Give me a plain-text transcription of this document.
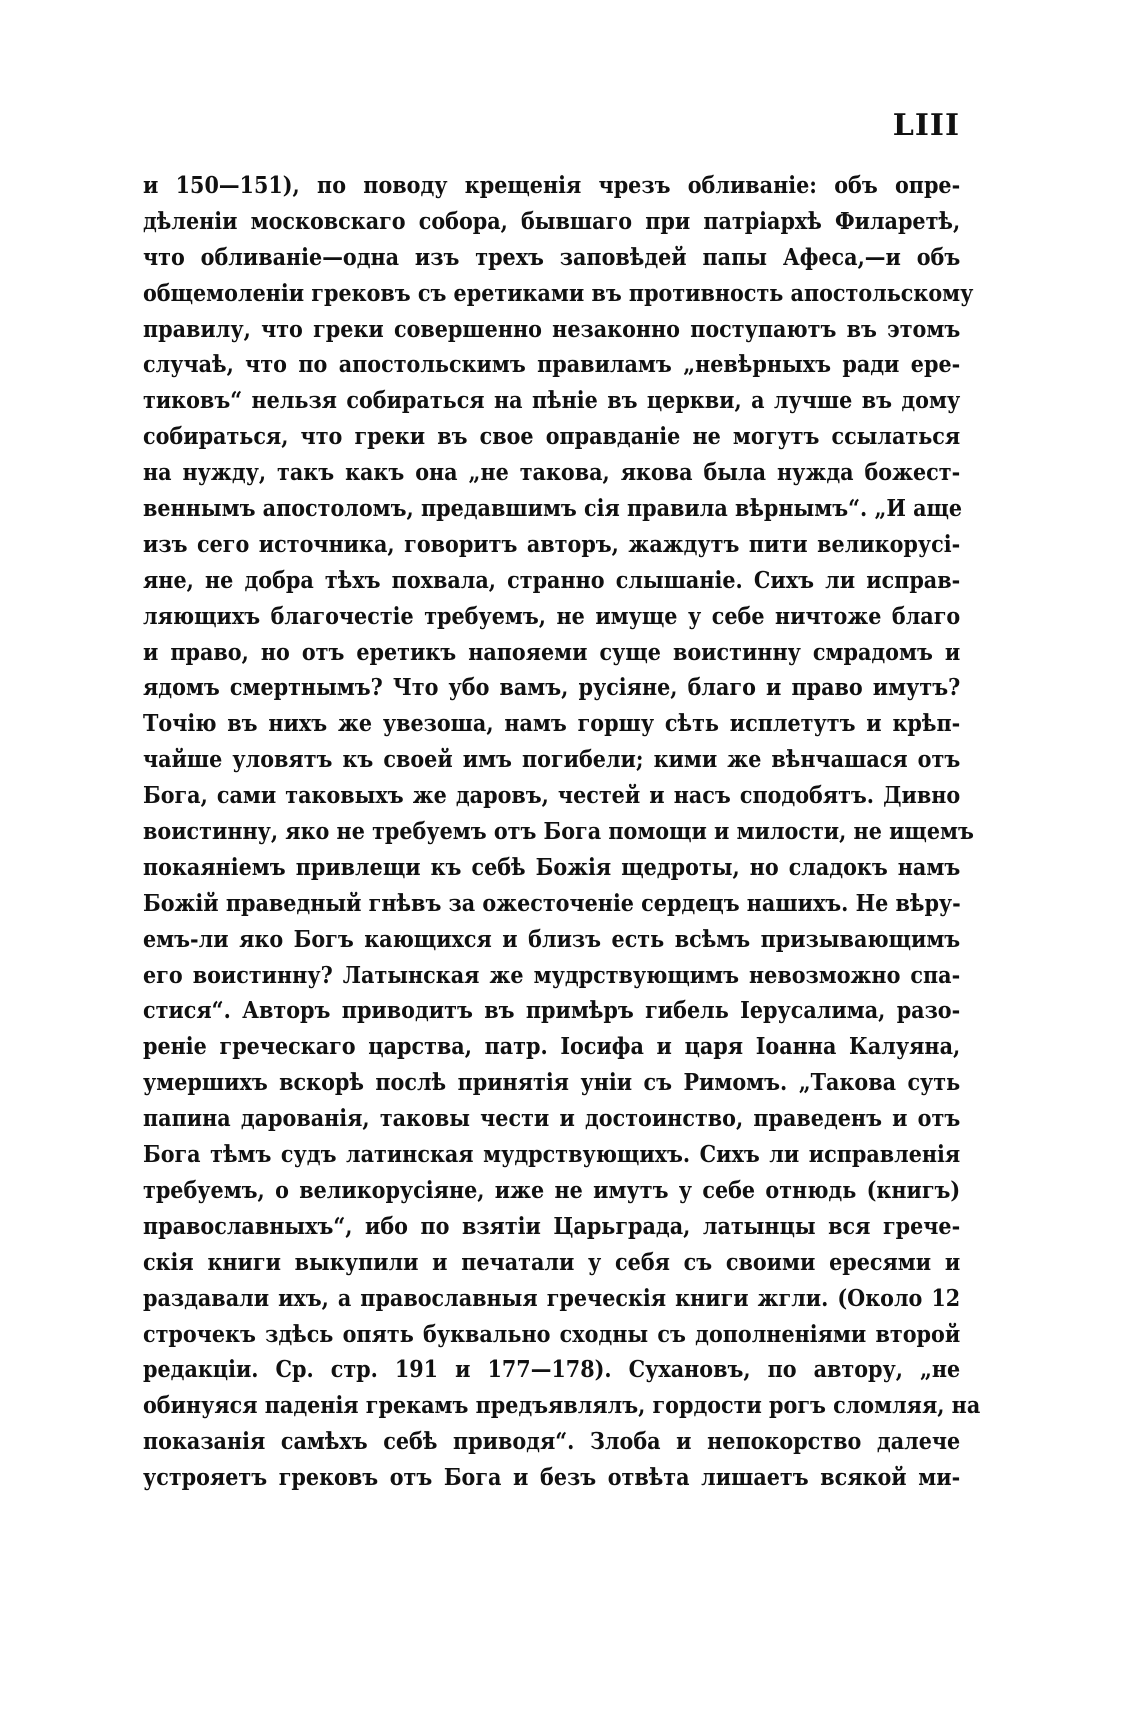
LIII
и 150—151), по поводу крещенія чрезъ обливаніе: объ опре-
дѣленіи московскаго собора, бывшаго при патріархѣ Филаретѣ,
что обливаніе—одна изъ трехъ заповѣдей папы Афеса,—и объ
общемоленіи грековъ съ еретиками въ противность апостольскому
правилу, что греки совершенно незаконно поступаютъ въ этомъ
случаѣ, что по апостольскимъ правиламъ „невѣрныхъ ради ере-
тиковъ“ нельзя собираться на пѣніе въ церкви, а лучше въ дому
собираться, что греки въ свое оправданіе не могутъ ссылаться
на нужду, такъ какъ она „не такова, якова была нужда божест-
веннымъ апостоломъ, предавшимъ сія правила вѣрнымъ“. „И аще
изъ сего источника, говоритъ авторъ, жаждутъ пити великорусі-
яне, не добра тѣхъ похвала, странно слышаніе. Сихъ ли исправ-
ляющихъ благочестіе требуемъ, не имуще у себе ничтоже благо
и право, но отъ еретикъ напояеми суще воистинну смрадомъ и
ядомъ смертнымъ? Что убо вамъ, русіяне, благо и право имутъ?
Точію въ нихъ же увезоша, намъ горшу сѣть исплетутъ и крѣп-
чайше уловятъ къ своей имъ погибели; кими же вѣнчашася отъ
Бога, сами таковыхъ же даровъ, честей и насъ сподобятъ. Дивно
воистинну, яко не требуемъ отъ Бога помощи и милости, не ищемъ
покаяніемъ привлещи къ себѣ Божія щедроты, но сладокъ намъ
Божій праведный гнѣвъ за ожесточеніе сердецъ нашихъ. Не вѣру-
емъ-ли яко Богъ кающихся и близъ есть всѣмъ призывающимъ
его воистинну? Латынская же мудрствующимъ невозможно спа-
стися“. Авторъ приводитъ въ примѣръ гибель Іерусалима, разо-
реніе греческаго царства, патр. Іосифа и царя Іоанна Калуяна,
умершихъ вскорѣ послѣ принятія уніи съ Римомъ. „Такова суть
папина дарованія, таковы чести и достоинство, праведенъ и отъ
Бога тѣмъ судъ латинская мудрствующихъ. Сихъ ли исправленія
требуемъ, о великорусіяне, иже не имутъ у себе отнюдь (книгъ)
православныхъ“, ибо по взятіи Царьграда, латынцы вся грече-
скія книги выкупили и печатали у себя съ своими ересями и
раздавали ихъ, а православныя греческія книги жгли. (Около 12
строчекъ здѣсь опять буквально сходны съ дополненіями второй
редакціи. Ср. стр. 191 и 177—178). Сухановъ, по автору, „не
обинуяся паденія грекамъ предъявлялъ, гордости рогъ сломляя, на
показанія самѣхъ себѣ приводя“. Злоба и непокорство далече
устрояетъ грековъ отъ Бога и безъ отвѣта лишаетъ всякой ми-
